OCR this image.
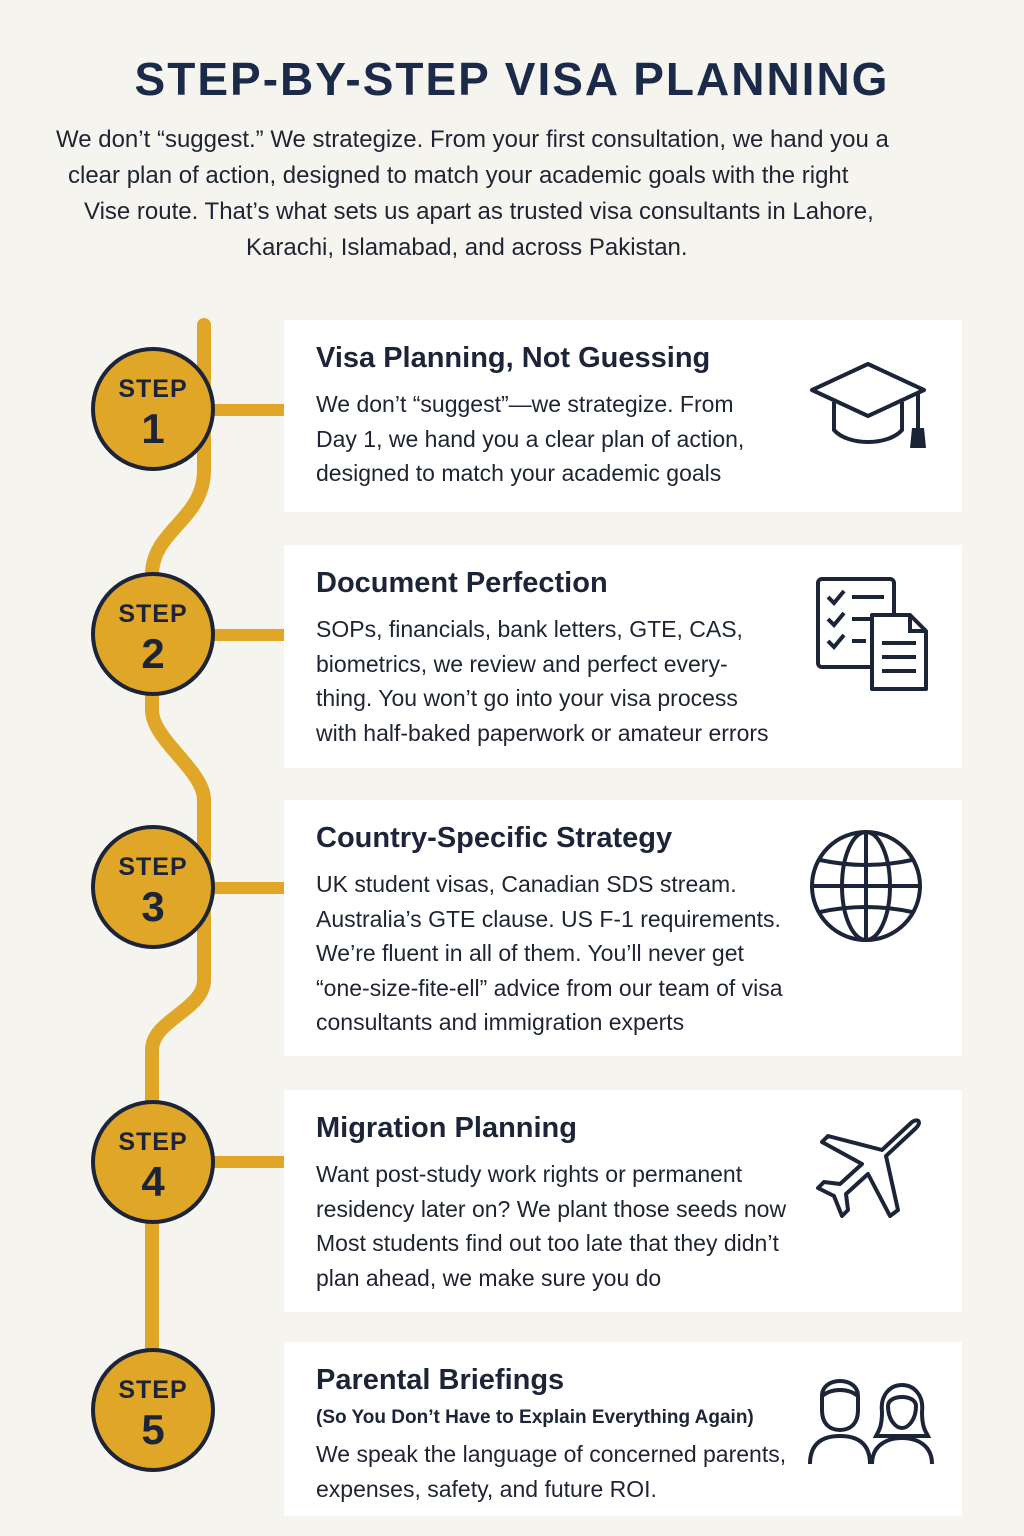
STEP-BY-STEP VISA PLANNING
We don’t “suggest.” We strategize. From your first consultation, we hand you a
clear plan of action, designed to match your academic goals with the right
Vise route. That’s what sets us apart as trusted visa consultants in Lahore,
Karachi, Islamabad, and across Pakistan.
STEP
1
Visa Planning, Not Guessing
We don’t “suggest”—we strategize. From
Day 1, we hand you a clear plan of action,
designed to match your academic goals
STEP
2
Document Perfection
SOPs, financials, bank letters, GTE, CAS,
biometrics, we review and perfect every-
thing. You won’t go into your visa process
with half-baked paperwork or amateur errors
STEP
3
Country-Specific Strategy
UK student visas, Canadian SDS stream.
Australia’s GTE clause. US F-1 requirements.
We’re fluent in all of them. You’ll never get
“one-size-fite-ell” advice from our team of visa
consultants and immigration experts
STEP
4
Migration Planning
Want post-study work rights or permanent
residency later on? We plant those seeds now
Most students find out too late that they didn’t
plan ahead, we make sure you do
STEP
5
Parental Briefings
(So You Don’t Have to Explain Everything Again)
We speak the language of concerned parents,
expenses, safety, and future ROI.
